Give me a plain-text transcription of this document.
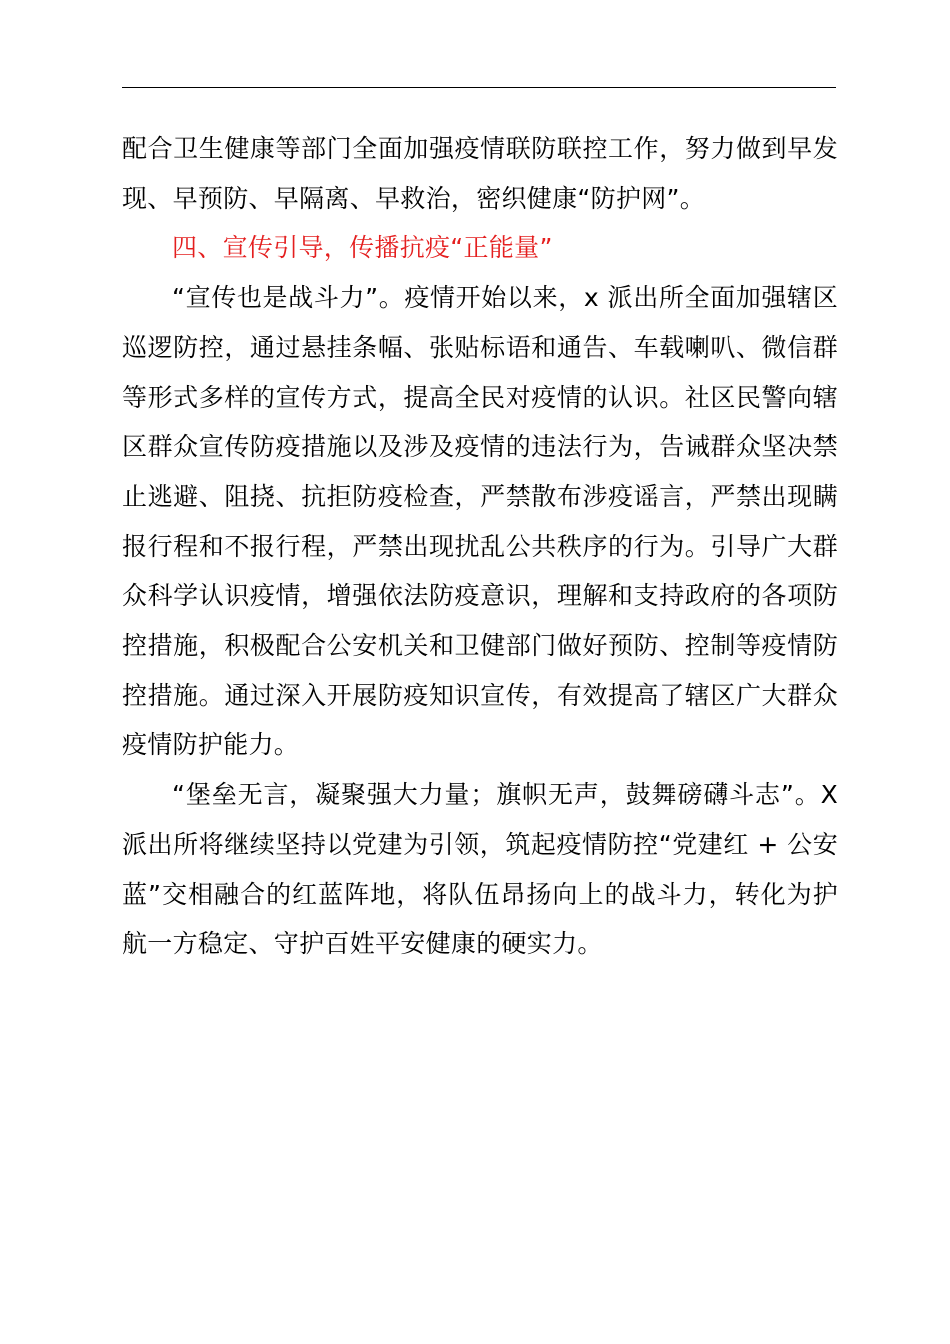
配合卫生健康等部门全面加强疫情联防联控工作，努力做到早发现、早预防、早隔离、早救治，密织健康“防护网”。

四、宣传引导，传播抗疫“正能量”

“宣传也是战斗力”。疫情开始以来，x 派出所全面加强辖区巡逻防控，通过悬挂条幅、张贴标语和通告、车载喇叭、微信群等形式多样的宣传方式，提高全民对疫情的认识。社区民警向辖区群众宣传防疫措施以及涉及疫情的违法行为，告诫群众坚决禁止逃避、阻挠、抗拒防疫检查，严禁散布涉疫谣言，严禁出现瞒报行程和不报行程，严禁出现扰乱公共秩序的行为。引导广大群众科学认识疫情，增强依法防疫意识，理解和支持政府的各项防控措施，积极配合公安机关和卫健部门做好预防、控制等疫情防控措施。通过深入开展防疫知识宣传，有效提高了辖区广大群众疫情防护能力。

“堡垒无言，凝聚强大力量；旗帜无声，鼓舞磅礴斗志”。X 派出所将继续坚持以党建为引领，筑起疫情防控“党建红 + 公安蓝”交相融合的红蓝阵地，将队伍昂扬向上的战斗力，转化为护航一方稳定、守护百姓平安健康的硬实力。
